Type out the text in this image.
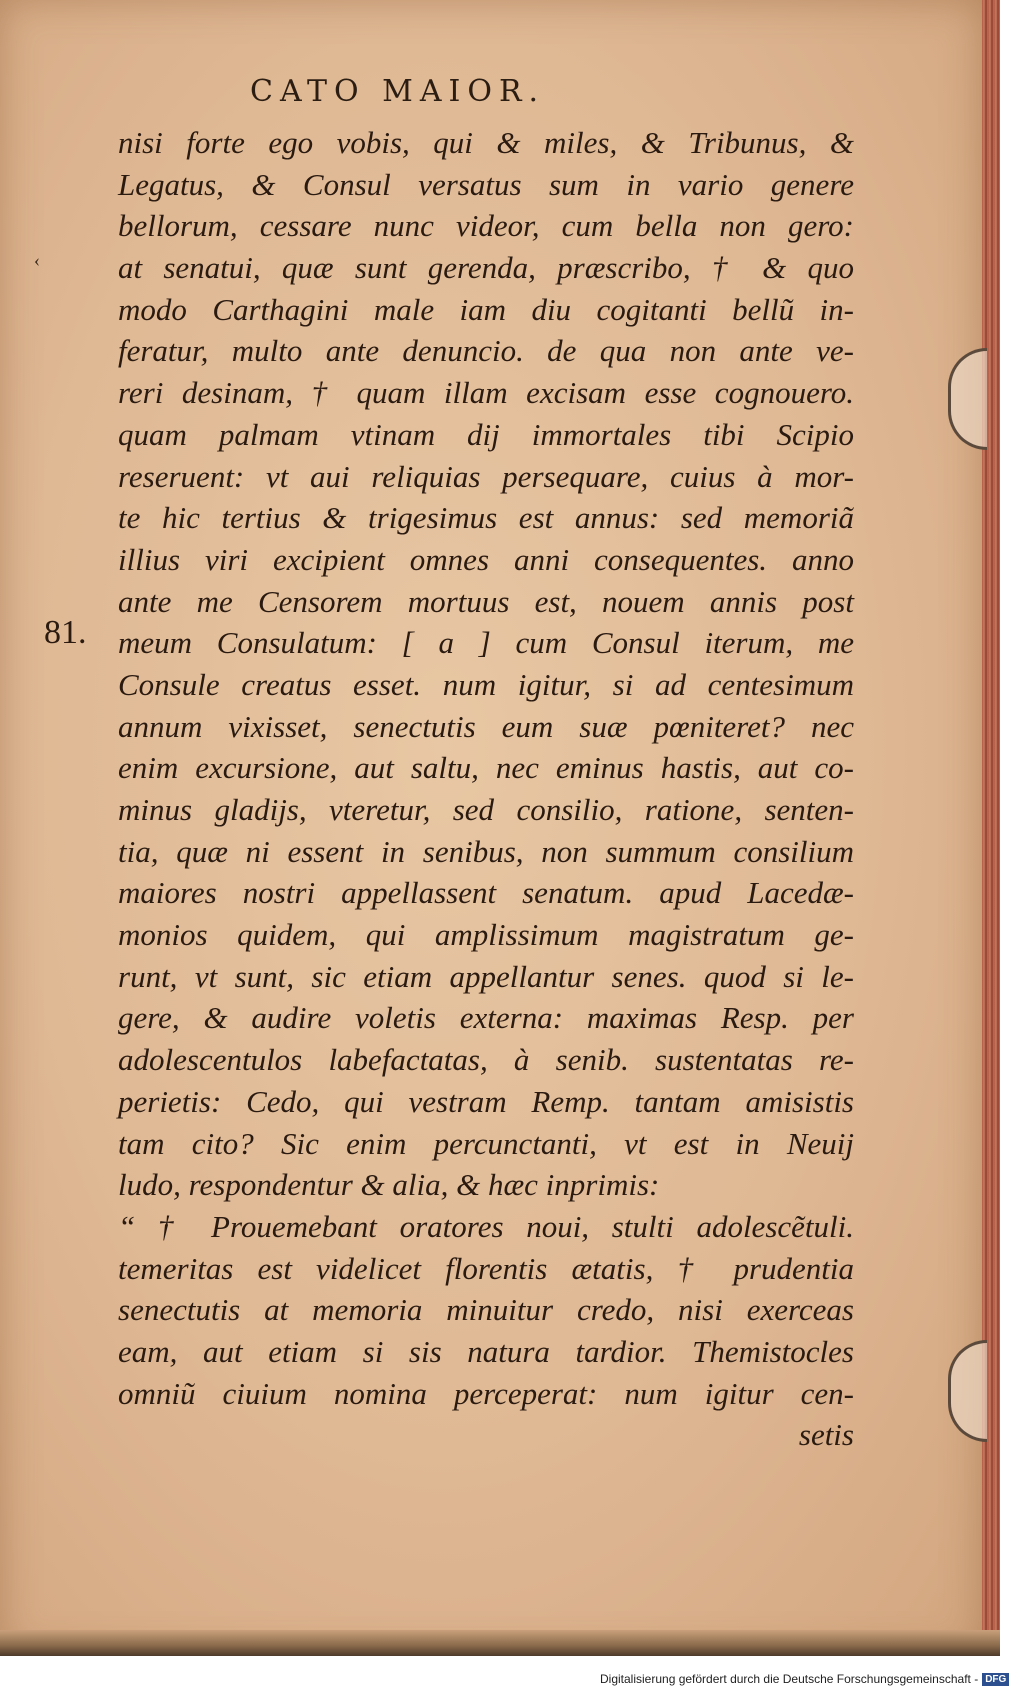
CATO MAIOR.
‹
81.
nisi forte ego vobis, qui & miles, & Tribunus, &
Legatus, & Consul versatus sum in vario genere
bellorum, cessare nunc videor, cum bella non gero:
at senatui, quæ sunt gerenda, præscribo, † & quo
modo Carthagini male iam diu cogitanti bellũ in-
feratur, multo ante denuncio. de qua non ante ve-
reri desinam, † quam illam excisam esse cognouero.
quam palmam vtinam dij immortales tibi Scipio
reseruent: vt aui reliquias persequare, cuius à mor-
te hic tertius & trigesimus est annus: sed memoriã
illius viri excipient omnes anni consequentes. anno
ante me Censorem mortuus est, nouem annis post
meum Consulatum: [ a ] cum Consul iterum, me
Consule creatus esset. num igitur, si ad centesimum
annum vixisset, senectutis eum suæ pœniteret? nec
enim excursione, aut saltu, nec eminus hastis, aut co-
minus gladijs, vteretur, sed consilio, ratione, senten-
tia, quæ ni essent in senibus, non summum consilium
maiores nostri appellassent senatum. apud Lacedæ-
monios quidem, qui amplissimum magistratum ge-
runt, vt sunt, sic etiam appellantur senes. quod si le-
gere, & audire voletis externa: maximas Resp. per
adolescentulos labefactatas, à senib. sustentatas re-
perietis: Cedo, qui vestram Remp. tantam amisistis
tam cito? Sic enim percunctanti, vt est in Neuij
ludo, respondentur & alia, & hæc inprimis:
“ † Prouemebant oratores noui, stulti adolescẽtuli.
temeritas est videlicet florentis ætatis, † prudentia
senectutis at memoria minuitur credo, nisi exerceas
eam, aut etiam si sis natura tardior. Themistocles
omniũ ciuium nomina perceperat: num igitur cen-
setis
Digitalisierung gefördert durch die Deutsche Forschungsgemeinschaft - DFG
